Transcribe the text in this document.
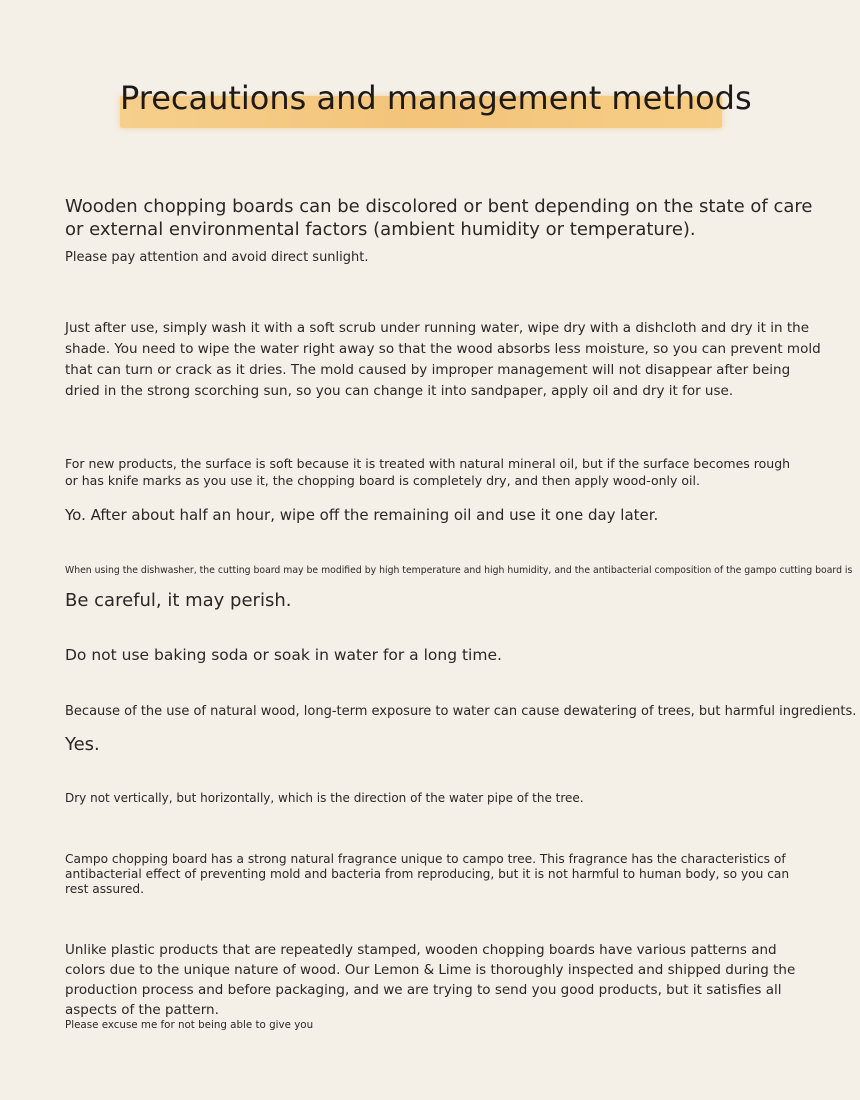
Precautions and management methods

Wooden chopping boards can be discolored or bent depending on the state of care or external environmental factors (ambient humidity or temperature).

Please pay attention and avoid direct sunlight.

Just after use, simply wash it with a soft scrub under running water, wipe dry with a dishcloth and dry it in the shade. You need to wipe the water right away so that the wood absorbs less moisture, so you can prevent mold that can turn or crack as it dries. The mold caused by improper management will not disappear after being dried in the strong scorching sun, so you can change it into sandpaper, apply oil and dry it for use.

For new products, the surface is soft because it is treated with natural mineral oil, but if the surface becomes rough or has knife marks as you use it, the chopping board is completely dry, and then apply wood-only oil.

Yo. After about half an hour, wipe off the remaining oil and use it one day later.

When using the dishwasher, the cutting board may be modified by high temperature and high humidity, and the antibacterial composition of the gampo cutting board is

Be careful, it may perish.

Do not use baking soda or soak in water for a long time.

Because of the use of natural wood, long-term exposure to water can cause dewatering of trees, but harmful ingredients.

Yes.

Dry not vertically, but horizontally, which is the direction of the water pipe of the tree.

Campo chopping board has a strong natural fragrance unique to campo tree. This fragrance has the characteristics of antibacterial effect of preventing mold and bacteria from reproducing, but it is not harmful to human body, so you can rest assured.

Unlike plastic products that are repeatedly stamped, wooden chopping boards have various patterns and colors due to the unique nature of wood. Our Lemon & Lime is thoroughly inspected and shipped during the production process and before packaging, and we are trying to send you good products, but it satisfies all aspects of the pattern.

Please excuse me for not being able to give you
